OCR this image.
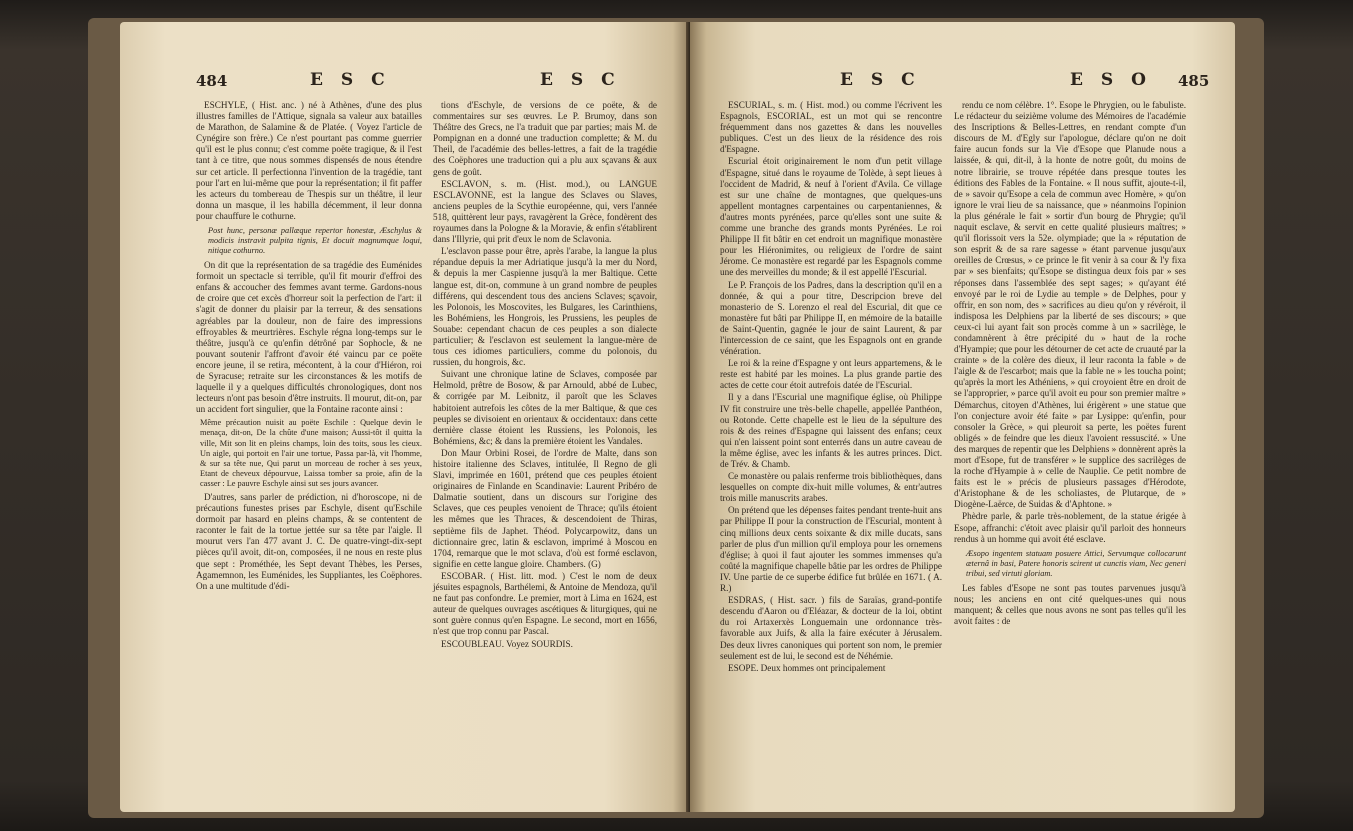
484	E S C	E S C

ESCHYLE, ( Hist. anc. ) né à Athènes, d'une des plus illustres familles de l'Attique, signala sa valeur aux batailles de Marathon, de Salamine & de Platée. ( Voyez l'article de Cynégire son frère.) Ce n'est pourtant pas comme guerrier qu'il est le plus connu; c'est comme poëte tragique, & il l'est tant à ce titre, que nous sommes dispensés de nous étendre sur cet article. Il perfectionna l'invention de la tragédie, tant pour l'art en lui-même que pour la représentation; il fit paffer les acteurs du tombereau de Thespis sur un théâtre, il leur donna un masque, il les habilla décemment, il leur donna pour chauffure le cothurne.

Post hunc, personæ pallæque repertor honestæ, Æschylus & modicis instravit pulpita tignis, Et docuit magnumque loqui, nitique cothurno.

On dit que la représentation de sa tragédie des Euménides formoit un spectacle si terrible, qu'il fit mourir d'effroi des enfans & accoucher des femmes avant terme. Gardons-nous de croire que cet excès d'horreur soit la perfection de l'art: il s'agit de donner du plaisir par la terreur, & des sensations agréables par la douleur, non de faire des impressions effroyables & meurtrières. Eschyle régna long-temps sur le théâtre, jusqu'à ce qu'enfin détrôné par Sophocle, & ne pouvant soutenir l'affront d'avoir été vaincu par ce poëte encore jeune, il se retira, mécontent, à la cour d'Hiéron, roi de Syracuse; retraite sur les circonstances & les motifs de laquelle il y a quelques difficultés chronologiques, dont nos lecteurs n'ont pas besoin d'être instruits. Il mourut, dit-on, par un accident fort singulier, que la Fontaine raconte ainsi :

Même précaution nuisit au poëte Eschile : Quelque devin le menaça, dit-on, De la chûte d'une maison; Aussi-tôt il quitta la ville, Mit son lit en pleins champs, loin des toits, sous les cieux. Un aigle, qui portoit en l'air une tortue, Passa par-là, vit l'homme, & sur sa tête nue, Qui parut un morceau de rocher à ses yeux, Etant de cheveux dépourvue, Laissa tomber sa proie, afin de la casser : Le pauvre Eschyle ainsi sut ses jours avancer.

D'autres, sans parler de prédiction, ni d'horoscope, ni de précautions funestes prises par Eschyle, disent qu'Eschile dormoit par hasard en pleins champs, & se contentent de raconter le fait de la tortue jettée sur sa tête par l'aigle. Il mourut vers l'an 477 avant J. C. De quatre-vingt-dix-sept pièces qu'il avoit, dit-on, composées, il ne nous en reste plus que sept : Prométhée, les Sept devant Thèbes, les Perses, Agamemnon, les Euménides, les Suppliantes, les Coëphores. On a une multitude d'édi-

tions d'Eschyle, de versions de ce poëte, & de commentaires sur ses œuvres. Le P. Brumoy, dans son Théâtre des Grecs, ne l'a traduit que par parties; mais M. de Pompignan en a donné une traduction complette; & M. du Theil, de l'académie des belles-lettres, a fait de la tragédie des Coëphores une traduction qui a plu aux sçavans & aux gens de goût.

ESCLAVON, s. m. (Hist. mod.), ou LANGUE ESCLAVONNE, est la langue des Sclaves ou Slaves, anciens peuples de la Scythie européenne, qui, vers l'année 518, quittèrent leur pays, ravagèrent la Grèce, fondèrent des royaumes dans la Pologne & la Moravie, & enfin s'établirent dans l'Illyrie, qui prit d'eux le nom de Sclavonia.

L'esclavon passe pour être, après l'arabe, la langue la plus répandue depuis la mer Adriatique jusqu'à la mer du Nord, & depuis la mer Caspienne jusqu'à la mer Baltique. Cette langue est, dit-on, commune à un grand nombre de peuples différens, qui descendent tous des anciens Sclaves; sçavoir, les Polonois, les Moscovites, les Bulgares, les Carinthiens, les Bohémiens, les Hongrois, les Prussiens, les peuples de Souabe: cependant chacun de ces peuples a son dialecte particulier; & l'esclavon est seulement la langue-mère de tous ces idiomes particuliers, comme du polonois, du russien, du hongrois, &c.

Suivant une chronique latine de Sclaves, composée par Helmold, prêtre de Bosow, & par Arnould, abbé de Lubec, & corrigée par M. Leibnitz, il paroît que les Sclaves habitoient autrefois les côtes de la mer Baltique, & que ces peuples se divisoient en orientaux & occidentaux: dans cette dernière classe étoient les Russiens, les Polonois, les Bohémiens, &c; & dans la première étoient les Vandales.

Don Maur Orbini Rosei, de l'ordre de Malte, dans son histoire italienne des Sclaves, intitulée, Il Regno de gli Slavi, imprimée en 1601, prétend que ces peuples étoient originaires de Finlande en Scandinavie: Laurent Pribéro de Dalmatie soutient, dans un discours sur l'origine des Sclaves, que ces peuples venoient de Thrace; qu'ils étoient les mêmes que les Thraces, & descendoient de Thiras, septième fils de Japhet. Théod. Polycarpowitz, dans un dictionnaire grec, latin & esclavon, imprimé à Moscou en 1704, remarque que le mot sclava, d'où est formé esclavon, signifie en cette langue gloire. Chambers. (G)

ESCOBAR. ( Hist. litt. mod. ) C'est le nom de deux jésuites espagnols, Barthélemi, & Antoine de Mendoza, qu'il ne faut pas confondre. Le premier, mort à Lima en 1624, est auteur de quelques ouvrages ascétiques & liturgiques, qui ne sont guère connus qu'en Espagne. Le second, mort en 1656, n'est que trop connu par Pascal.

ESCOUBLEAU. Voyez SOURDIS.

E S C	E S O 485

ESCURIAL, s. m. ( Hist. mod.) ou comme l'écrivent les Espagnols, ESCORIAL, est un mot qui se rencontre fréquemment dans nos gazettes & dans les nouvelles publiques. C'est un des lieux de la résidence des rois d'Espagne.

Escurial étoit originairement le nom d'un petit village d'Espagne, situé dans le royaume de Tolède, à sept lieues à l'occident de Madrid, & neuf à l'orient d'Avila. Ce village est sur une chaîne de montagnes, que quelques-uns appellent montagnes carpentaines ou carpentaniennes, & d'autres monts pyrénées, parce qu'elles sont une suite & comme une branche des grands monts Pyrénées. Le roi Philippe II fit bâtir en cet endroit un magnifique monastère pour les Hiéronimites, ou religieux de l'ordre de saint Jérome. Ce monastère est regardé par les Espagnols comme une des merveilles du monde; & il est appellé l'Escurial.

Le P. François de los Padres, dans la description qu'il en a donnée, & qui a pour titre, Descripcion breve del monasterio de S. Lorenzo el real del Escurial, dit que ce monastère fut bâti par Philippe II, en mémoire de la bataille de Saint-Quentin, gagnée le jour de saint Laurent, & par l'intercession de ce saint, que les Espagnols ont en grande vénération.

Le roi & la reine d'Espagne y ont leurs appartemens, & le reste est habité par les moines. La plus grande partie des actes de cette cour étoit autrefois datée de l'Escurial.

Il y a dans l'Escurial une magnifique église, où Philippe IV fit construire une très-belle chapelle, appellée Panthéon, ou Rotonde. Cette chapelle est le lieu de la sépulture des rois & des reines d'Espagne qui laissent des enfans; ceux qui n'en laissent point sont enterrés dans un autre caveau de la même église, avec les infants & les autres princes. Dict. de Trév. & Chamb.

Ce monastère ou palais renferme trois bibliothèques, dans lesquelles on compte dix-huit mille volumes, & entr'autres trois mille manuscrits arabes.

On prétend que les dépenses faites pendant trente-huit ans par Philippe II pour la construction de l'Escurial, montent à cinq millions deux cents soixante & dix mille ducats, sans parler de plus d'un million qu'il employa pour les ornemens d'église; à quoi il faut ajouter les sommes immenses qu'a coûté la magnifique chapelle bâtie par les ordres de Philippe IV. Une partie de ce superbe édifice fut brûlée en 1671. ( A. R.)

ESDRAS, ( Hist. sacr. ) fils de Saraïas, grand-pontife descendu d'Aaron ou d'Eléazar, & docteur de la loi, obtint du roi Artaxerxès Longuemain une ordonnance très-favorable aux Juifs, & alla la faire exécuter à Jérusalem. Des deux livres canoniques qui portent son nom, le premier seulement est de lui, le second est de Néhémie.

ESOPE. Deux hommes ont principalement

rendu ce nom célèbre. 1°. Esope le Phrygien, ou le fabuliste. Le rédacteur du seizième volume des Mémoires de l'académie des Inscriptions & Belles-Lettres, en rendant compte d'un discours de M. d'Egly sur l'apologue, déclare qu'on ne doit faire aucun fonds sur la Vie d'Esope que Planude nous a laissée, & qui, dit-il, à la honte de notre goût, du moins de notre librairie, se trouve répétée dans presque toutes les éditions des Fables de la Fontaine. « Il nous suffit, ajoute-t-il, de » savoir qu'Esope a cela de commun avec Homère, » qu'on ignore le vrai lieu de sa naissance, que » néanmoins l'opinion la plus générale le fait » sortir d'un bourg de Phrygie; qu'il naquit esclave, & servit en cette qualité plusieurs maîtres; » qu'il florissoit vers la 52e. olympiade; que la » réputation de son esprit & de sa rare sagesse » étant parvenue jusqu'aux oreilles de Crœsus, » ce prince le fit venir à sa cour & l'y fixa par » ses bienfaits; qu'Esope se distingua deux fois par » ses réponses dans l'assemblée des sept sages; » qu'ayant été envoyé par le roi de Lydie au temple » de Delphes, pour y offrir, en son nom, des » sacrifices au dieu qu'on y révéroit, il indisposa les Delphiens par la liberté de ses discours; » que ceux-ci lui ayant fait son procès comme à un » sacrilège, le condamnèrent à être précipité du » haut de la roche d'Hyampie; que pour les détourner de cet acte de cruauté par la crainte » de la colère des dieux, il leur raconta la fable » de l'aigle & de l'escarbot; mais que la fable ne » les toucha point; qu'après la mort les Athéniens, » qui croyoient être en droit de se l'approprier, » parce qu'il avoit eu pour son premier maître » Démarchus, citoyen d'Athènes, lui érigèrent » une statue que l'on conjecture avoir été faite » par Lysippe: qu'enfin, pour consoler la Grèce, » qui pleuroit sa perte, les poëtes furent obligés » de feindre que les dieux l'avoient ressuscité. » Une des marques de repentir que les Delphiens » donnèrent après la mort d'Esope, fut de transférer » le supplice des sacrilèges de la roche d'Hyampie à » celle de Nauplie. Ce petit nombre de faits est le » précis de plusieurs passages d'Hérodote, d'Aristophane & de les scholiastes, de Plutarque, de » Diogène-Laërce, de Suidas & d'Aphtone. »

Phèdre parle, & parle très-noblement, de la statue érigée à Esope, affranchi: c'étoit avec plaisir qu'il parloit des honneurs rendus à un homme qui avoit été esclave.

Æsopo ingentem statuam posuere Attici, Servumque collocarunt æternâ in basi, Patere honoris scirent ut cunctis viam, Nec generi tribui, sed virtuti gloriam.

Les fables d'Esope ne sont pas toutes parvenues jusqu'à nous; les anciens en ont cité quelques-unes qui nous manquent; & celles que nous avons ne sont pas telles qu'il les avoit faites : de
